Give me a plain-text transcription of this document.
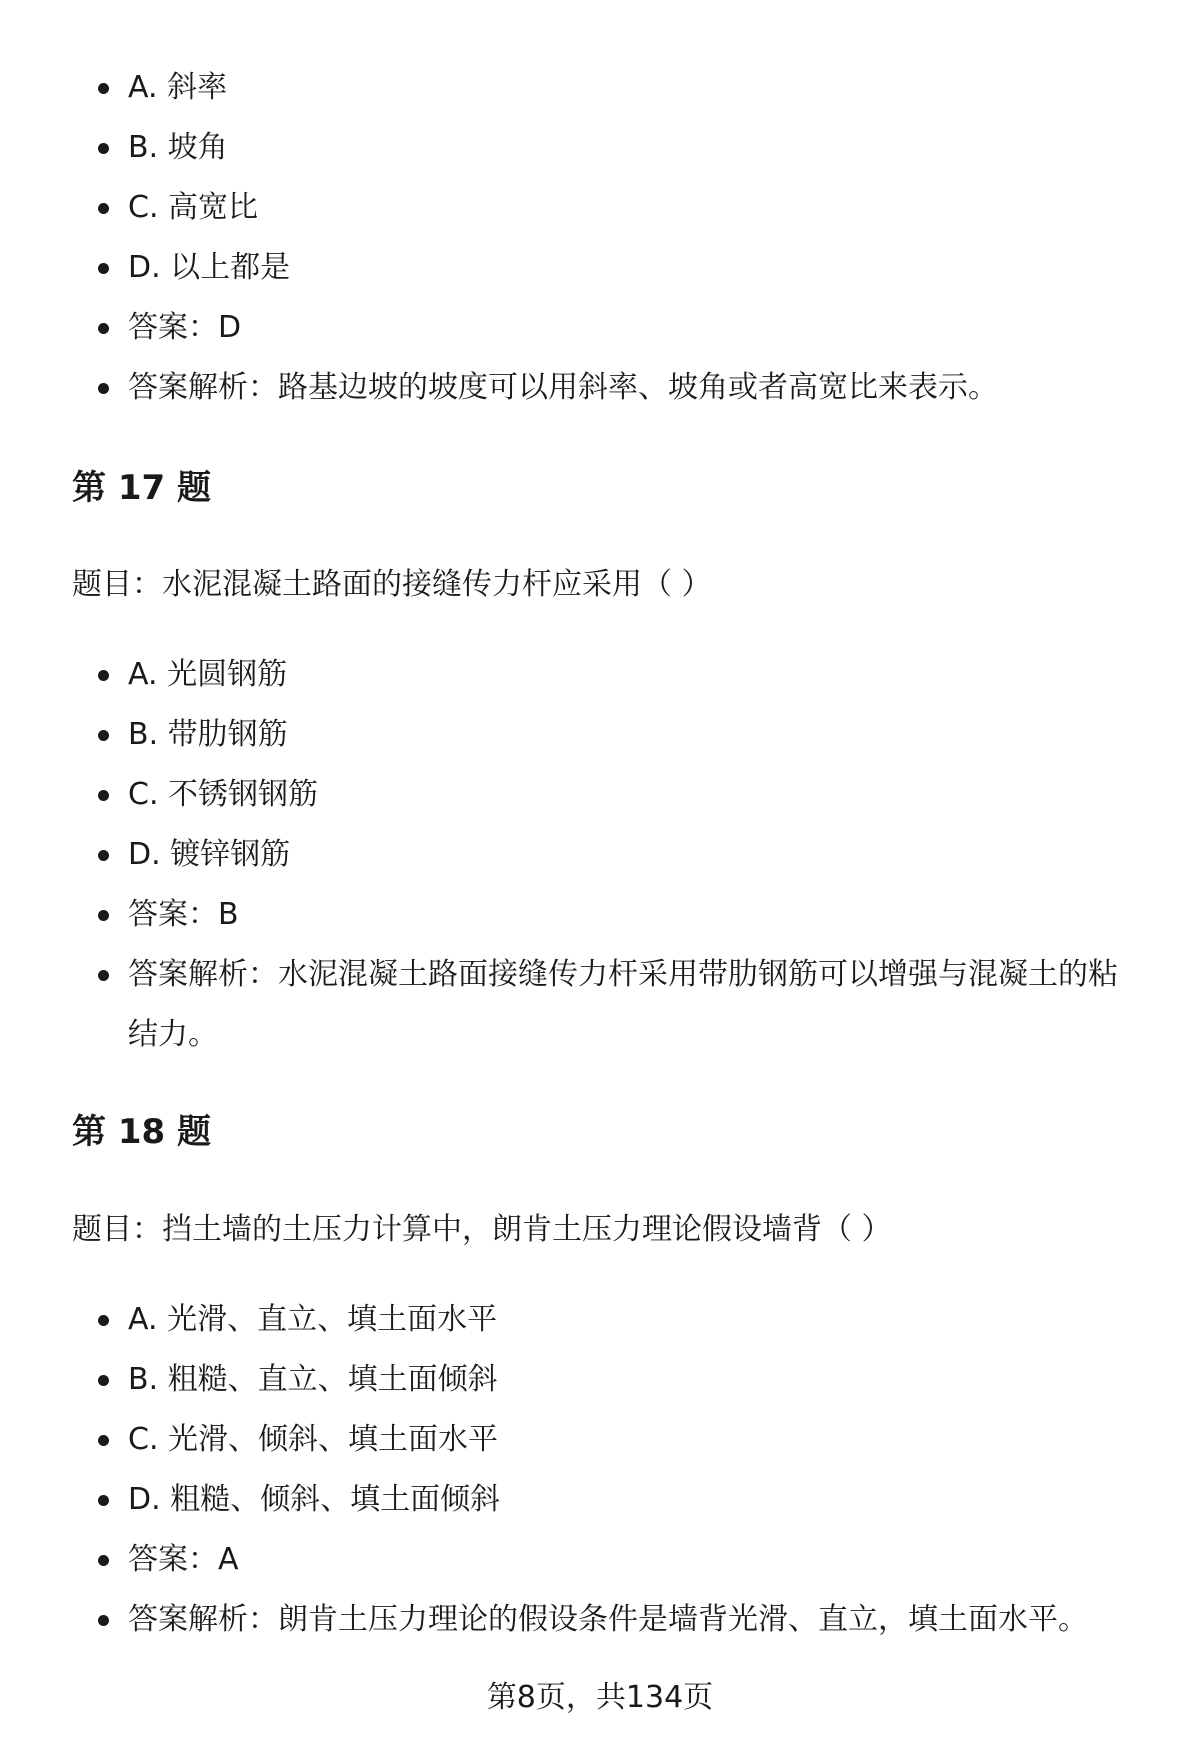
A. 斜率
B. 坡角
C. 高宽比
D. 以上都是
答案：D
答案解析：路基边坡的坡度可以用斜率、坡角或者高宽比来表示。
第 17 题

题目：水泥混凝土路面的接缝传力杆应采用（ ）

A. 光圆钢筋
B. 带肋钢筋
C. 不锈钢钢筋
D. 镀锌钢筋
答案：B
答案解析：水泥混凝土路面接缝传力杆采用带肋钢筋可以增强与混凝土的粘结力。
第 18 题

题目：挡土墙的土压力计算中，朗肯土压力理论假设墙背（ ）

A. 光滑、直立、填土面水平
B. 粗糙、直立、填土面倾斜
C. 光滑、倾斜、填土面水平
D. 粗糙、倾斜、填土面倾斜
答案：A
答案解析：朗肯土压力理论的假设条件是墙背光滑、直立，填土面水平。
第8页，共134页
